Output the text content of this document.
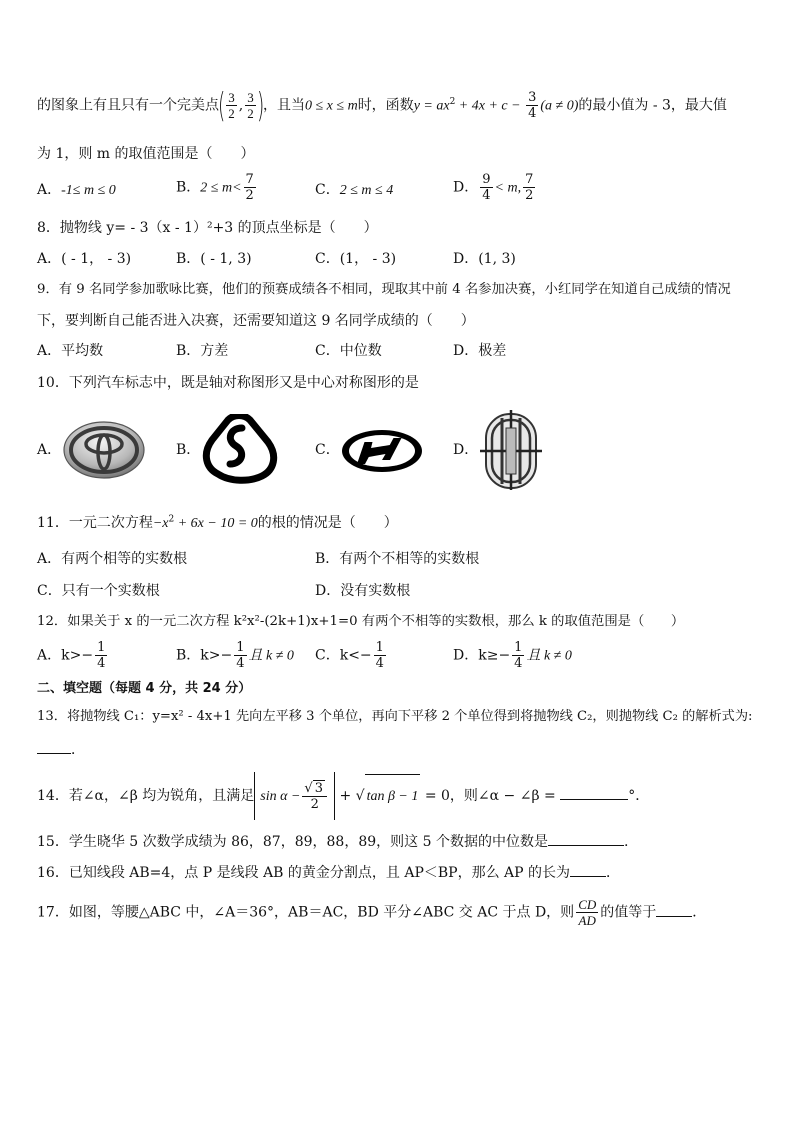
的图象上有且只有一个完美点( $\frac{3}{2}$ , $\frac{3}{2}$ )，且当0 ≤ x ≤ m时，函数$y = ax^2 + 4x + c - \frac{3}{4} (a \ne 0)$的最小值为 - 3，最大值
为 1，则 m 的取值范围是（　　）
A．-1≤ m ≤ 0	B．$2 \le m< \frac{7}{2}$	C．2 ≤ m ≤ 4	D． $\frac{9}{4} < m$, $\frac{7}{2}$
8．抛物线 y= - 3（x - 1）²+3 的顶点坐标是（　　）
A．( - 1， - 3)	B．( - 1, 3)	C．(1， - 3)	D．(1, 3)
9．有 9 名同学参加歌咏比赛，他们的预赛成绩各不相同，现取其中前 4 名参加决赛，小红同学在知道自己成绩的情况
下，要判断自己能否进入决赛，还需要知道这 9 名同学成绩的（　　）
A．平均数	B．方差	C．中位数	D．极差
10．下列汽车标志中，既是轴对称图形又是中心对称图形的是
A．	B．	C．	D．
11．一元二次方程$-x^2 + 6x - 10 = 0$的根的情况是（　　）
A．有两个相等的实数根	B．有两个不相等的实数根
C．只有一个实数根	D．没有实数根
12．如果关于 x 的一元二次方程 k²x²-(2k+1)x+1=0 有两个不相等的实数根，那么 k 的取值范围是（　　）
A．$k>- \frac{1}{4}$	B．$k>- \frac{1}{4}$ 且 k ≠ 0 C．$k<- \frac{1}{4}$	D．$k\ge- \frac{1}{4}$ 且 k ≠ 0
二、填空题（每题 4 分，共 24 分）
13．将抛物线 C₁：y=x² - 4x+1 先向左平移 3 个单位，再向下平移 2 个单位得到将抛物线 C₂，则抛物线 C₂ 的解析式为:
．
14．若∠α，∠β 均为锐角，且满足 $\sin \alpha - \frac{√ 3}{2}$ + √ tan β − 1 = 0，则∠α − ∠β =	°．
15．学生晓华 5 次数学成绩为 86，87，89，88，89，则这 5 个数据的中位数是	.
16．已知线段 AB=4，点 P 是线段 AB 的黄金分割点，且 AP＜BP，那么 AP 的长为	．
17．如图，等腰△ABC 中，∠A＝36°，AB＝AC，BD 平分∠ABC 交 AC 于点 D，则 $\frac{CD}{AD}$ 的值等于	．
